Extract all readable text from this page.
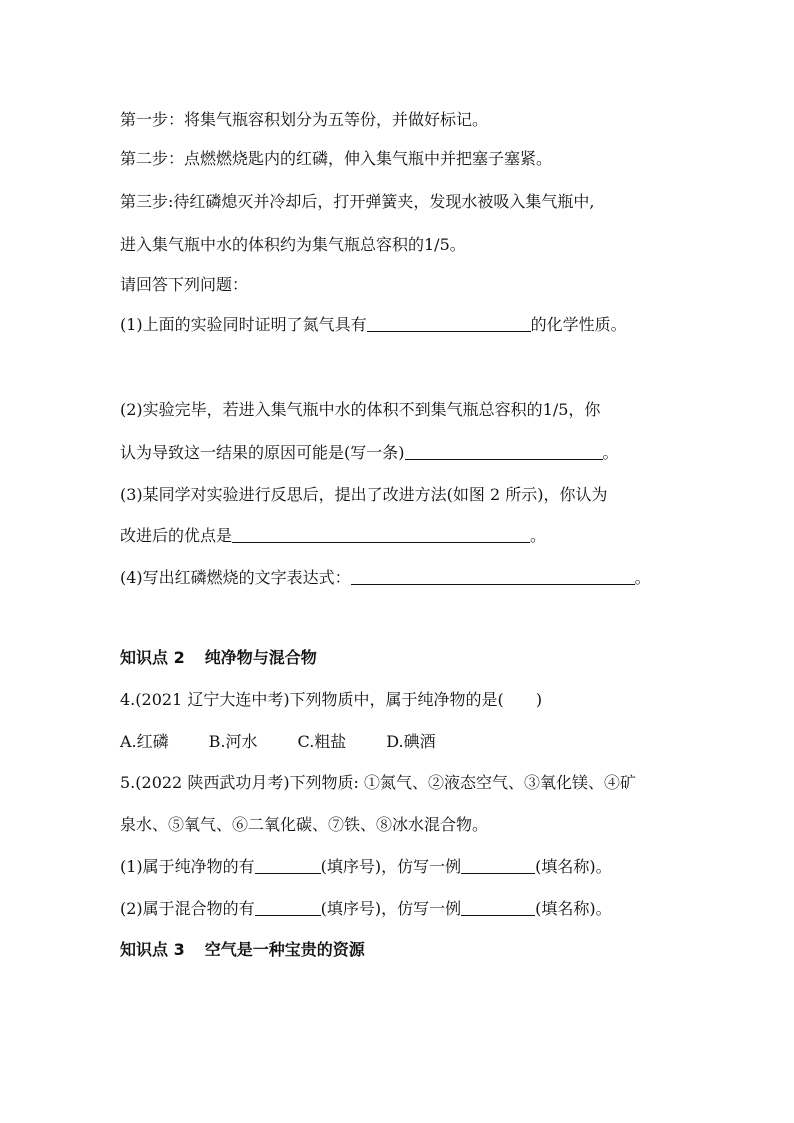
第一步：将集气瓶容积划分为五等份，并做好标记。
第二步：点燃燃烧匙内的红磷，伸入集气瓶中并把塞子塞紧。
第三步:待红磷熄灭并冷却后，打开弹簧夹，发现水被吸入集气瓶中,
进入集气瓶中水的体积约为集气瓶总容积的1/5。
请回答下列问题：
(1)上面的实验同时证明了氮气具有	的化学性质。
(2)实验完毕，若进入集气瓶中水的体积不到集气瓶总容积的1/5，你
认为导致这一结果的原因可能是(写一条)	。
(3)某同学对实验进行反思后，提出了改进方法(如图 2 所示)，你认为
改进后的优点是	。
(4)写出红磷燃烧的文字表达式：	。
知识点 2 纯净物与混合物
4.(2021 辽宁大连中考)下列物质中，属于纯净物的是( )
A.红磷	B.河水	C.粗盐	D.碘酒
5.(2022 陕西武功月考)下列物质: ①氮气、②液态空气、③氧化镁、④矿
泉水、⑤氧气、⑥二氧化碳、⑦铁、⑧冰水混合物。
(1)属于纯净物的有	(填序号)，仿写一例	(填名称)。
(2)属于混合物的有	(填序号)，仿写一例	(填名称)。
知识点 3 空气是一种宝贵的资源
